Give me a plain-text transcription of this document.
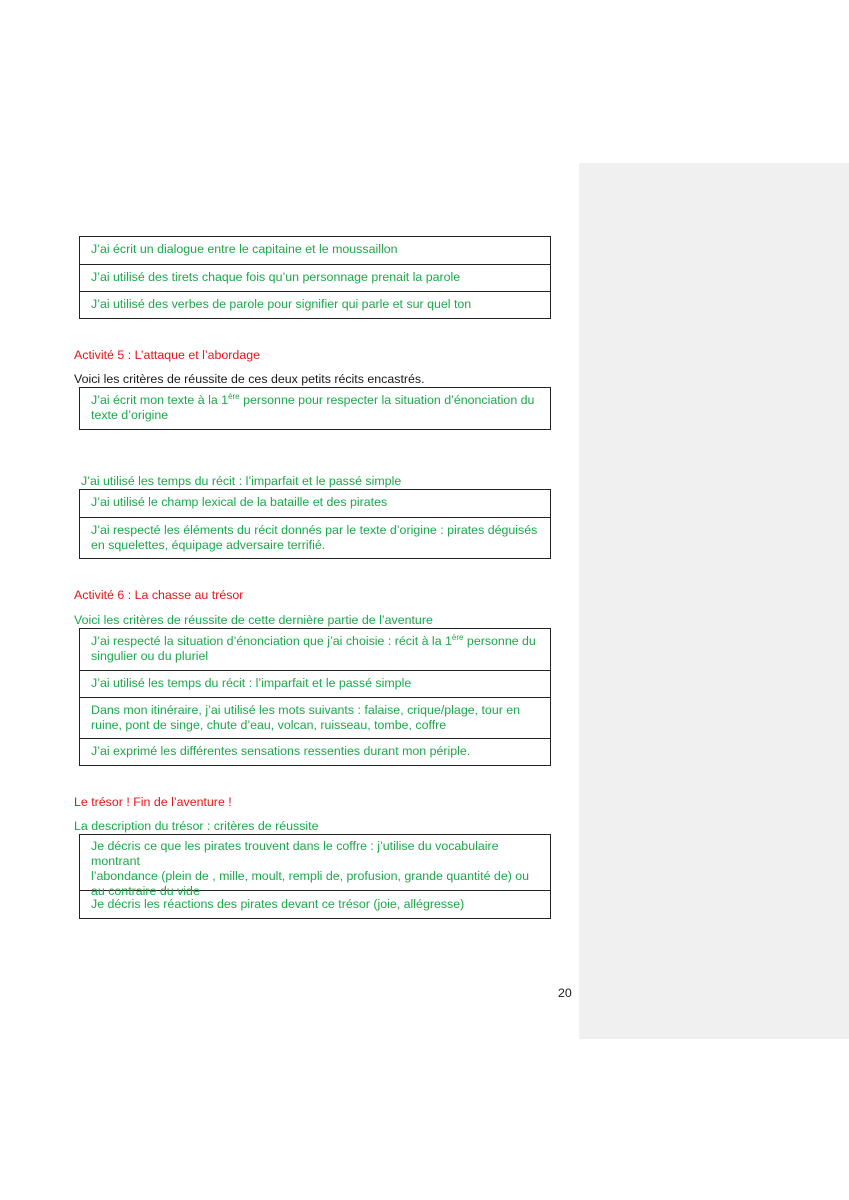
J’ai écrit un dialogue entre le capitaine et le moussaillon
J’ai utilisé des tirets chaque fois qu’un personnage prenait la parole
J’ai utilisé des verbes de parole pour signifier qui parle et sur quel ton
Activité 5 : L’attaque et l’abordage
Voici les critères de réussite de ces deux petits récits encastrés.
J’ai écrit mon texte à la 1ère personne pour respecter la situation d’énonciation du
texte d’origine
J’ai utilisé les temps du récit : l’imparfait et le passé simple
J’ai utilisé le champ lexical de la bataille et des pirates
J’ai respecté les éléments du récit donnés par le texte d’origine : pirates déguisés
en squelettes, équipage adversaire terrifié.
Activité 6 : La chasse au trésor
Voici les critères de réussite de cette dernière partie de l’aventure
J’ai respecté la situation d’énonciation que j’ai choisie : récit à la 1ère personne du
singulier ou du pluriel
J’ai utilisé les temps du récit : l’imparfait et le passé simple
Dans mon itinéraire, j’ai utilisé les mots suivants : falaise, crique/plage, tour en
ruine, pont de singe, chute d’eau, volcan, ruisseau, tombe, coffre
J’ai exprimé les différentes sensations ressenties durant mon périple.
Le trésor ! Fin de l’aventure !
La description du trésor : critères de réussite
Je décris ce que les pirates trouvent dans le coffre : j’utilise du vocabulaire montrant
l’abondance (plein de , mille, moult, rempli de, profusion, grande quantité de) ou
au contraire du vide
Je décris les réactions des pirates devant ce trésor (joie, allégresse)
20
